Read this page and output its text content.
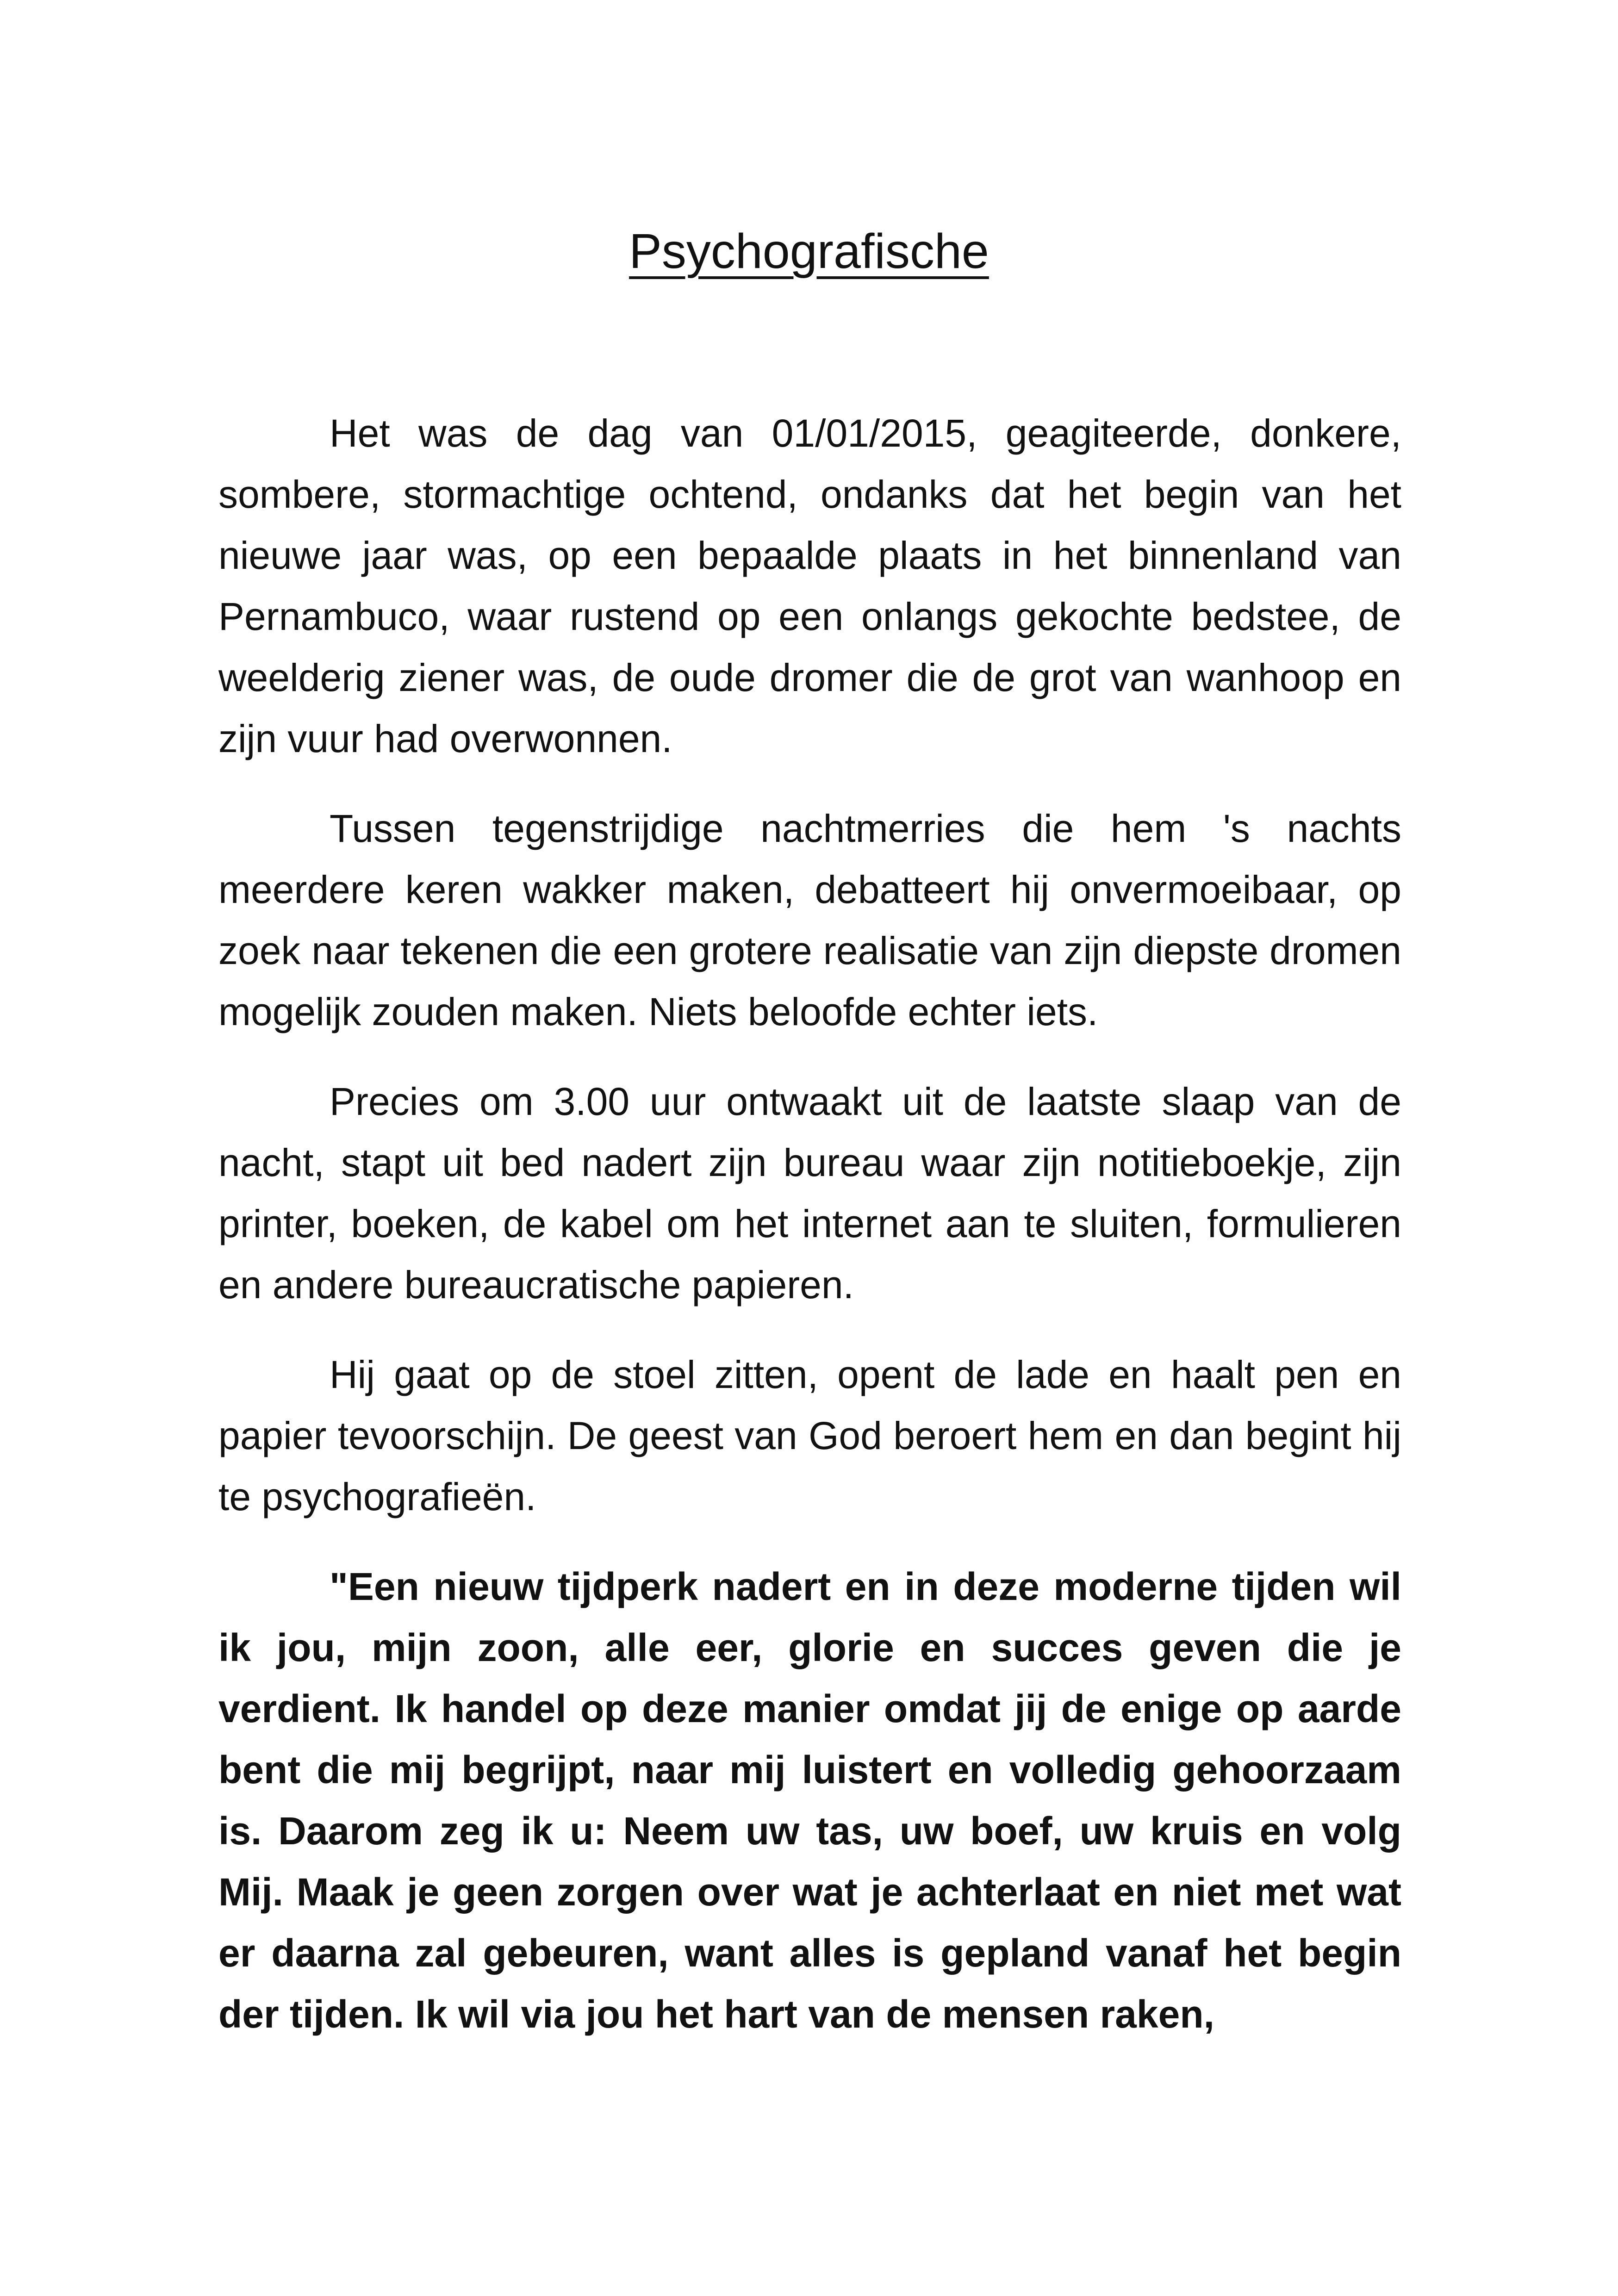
Psychografische

Het was de dag van 01/01/2015, geagiteerde, donkere, sombere, stormachtige ochtend, ondanks dat het begin van het nieuwe jaar was, op een bepaalde plaats in het binnenland van Pernambuco, waar rustend op een onlangs gekochte bedstee, de weelderig ziener was, de oude dromer die de grot van wanhoop en zijn vuur had overwonnen.

Tussen tegenstrijdige nachtmerries die hem 's nachts meerdere keren wakker maken, debatteert hij onvermoeibaar, op zoek naar tekenen die een grotere realisatie van zijn diepste dromen mogelijk zouden maken. Niets beloofde echter iets.

Precies om 3.00 uur ontwaakt uit de laatste slaap van de nacht, stapt uit bed nadert zijn bureau waar zijn notitieboekje, zijn printer, boeken, de kabel om het internet aan te sluiten, formulieren en andere bureaucratische papieren.

Hij gaat op de stoel zitten, opent de lade en haalt pen en papier tevoorschijn. De geest van God beroert hem en dan begint hij te psychografieën.

"Een nieuw tijdperk nadert en in deze moderne tijden wil ik jou, mijn zoon, alle eer, glorie en succes geven die je verdient. Ik handel op deze manier omdat jij de enige op aarde bent die mij begrijpt, naar mij luistert en volledig gehoorzaam is. Daarom zeg ik u: Neem uw tas, uw boef, uw kruis en volg Mij. Maak je geen zorgen over wat je achterlaat en niet met wat er daarna zal gebeuren, want alles is gepland vanaf het begin der tijden. Ik wil via jou het hart van de mensen raken,
